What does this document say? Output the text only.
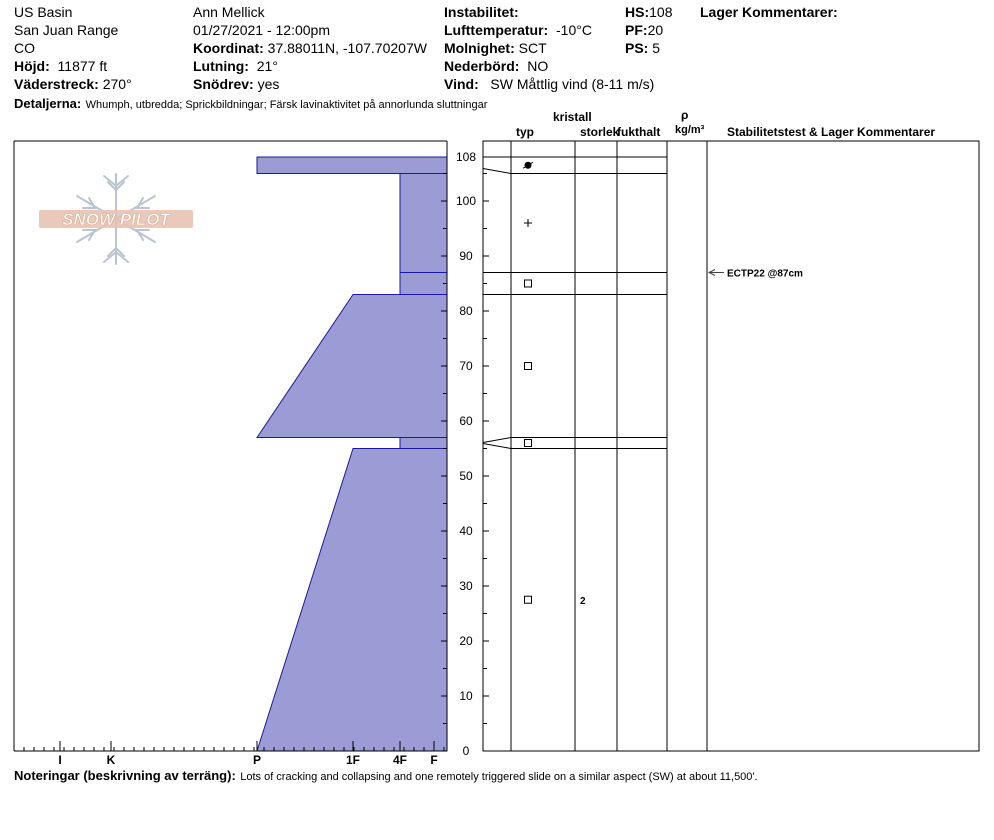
US Basin
San Juan Range
CO
Höjd: 11877 ft
Väderstreck: 270°
Ann Mellick
01/27/2021 - 12:00pm
Koordinat: 37.88011N, -107.70207W
Lutning: 21°
Snödrev: yes
Instabilitet:
Lufttemperatur: -10°C
Molnighet: SCT
Nederbörd: NO
Vind: SW Måttlig vind (8-11 m/s)
HS:108
PF:20
PS: 5
Lager Kommentarer:
Detaljerna: Whumph, utbredda; Sprickbildningar; Färsk lavinaktivitet på annorlunda sluttningar
kristall
typ	storlek
fukthalt
ρ
kg/m³ Stabilitetstest & Lager Kommentarer
SNOW PILOT
I	K	P	1F	4F F
0
10
20
30
40
50
60
70
80
90
100
108
2
ECTP22 @87cm
Noteringar (beskrivning av terräng): Lots of cracking and collapsing and one remotely triggered slide on a similar aspect (SW) at about 11,500'.
